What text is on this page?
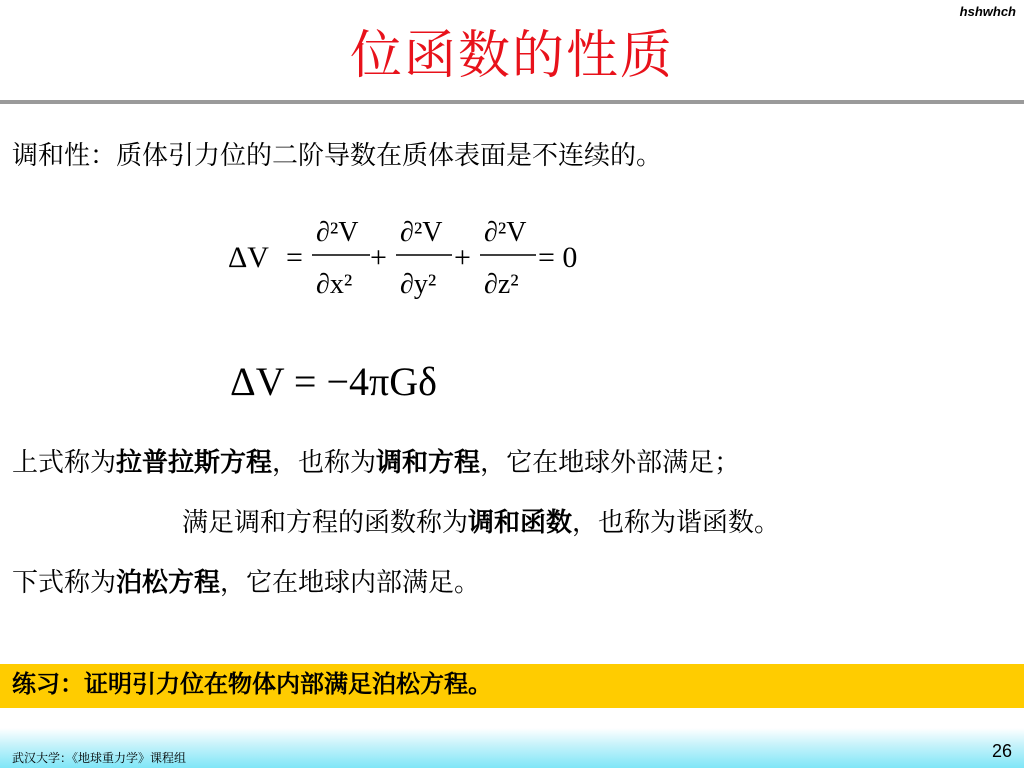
hshwhch
位函数的性质
调和性：质体引力位的二阶导数在质体表面是不连续的。
ΔV =
∂²V
∂x²
+
∂²V
∂y²
+
∂²V
∂z²
= 0
ΔV = −4πGδ
上式称为拉普拉斯方程，也称为调和方程，它在地球外部满足；
满足调和方程的函数称为调和函数，也称为谐函数。
下式称为泊松方程，它在地球内部满足。
练习：证明引力位在物体内部满足泊松方程。
武汉大学：《地球重力学》课程组	26
